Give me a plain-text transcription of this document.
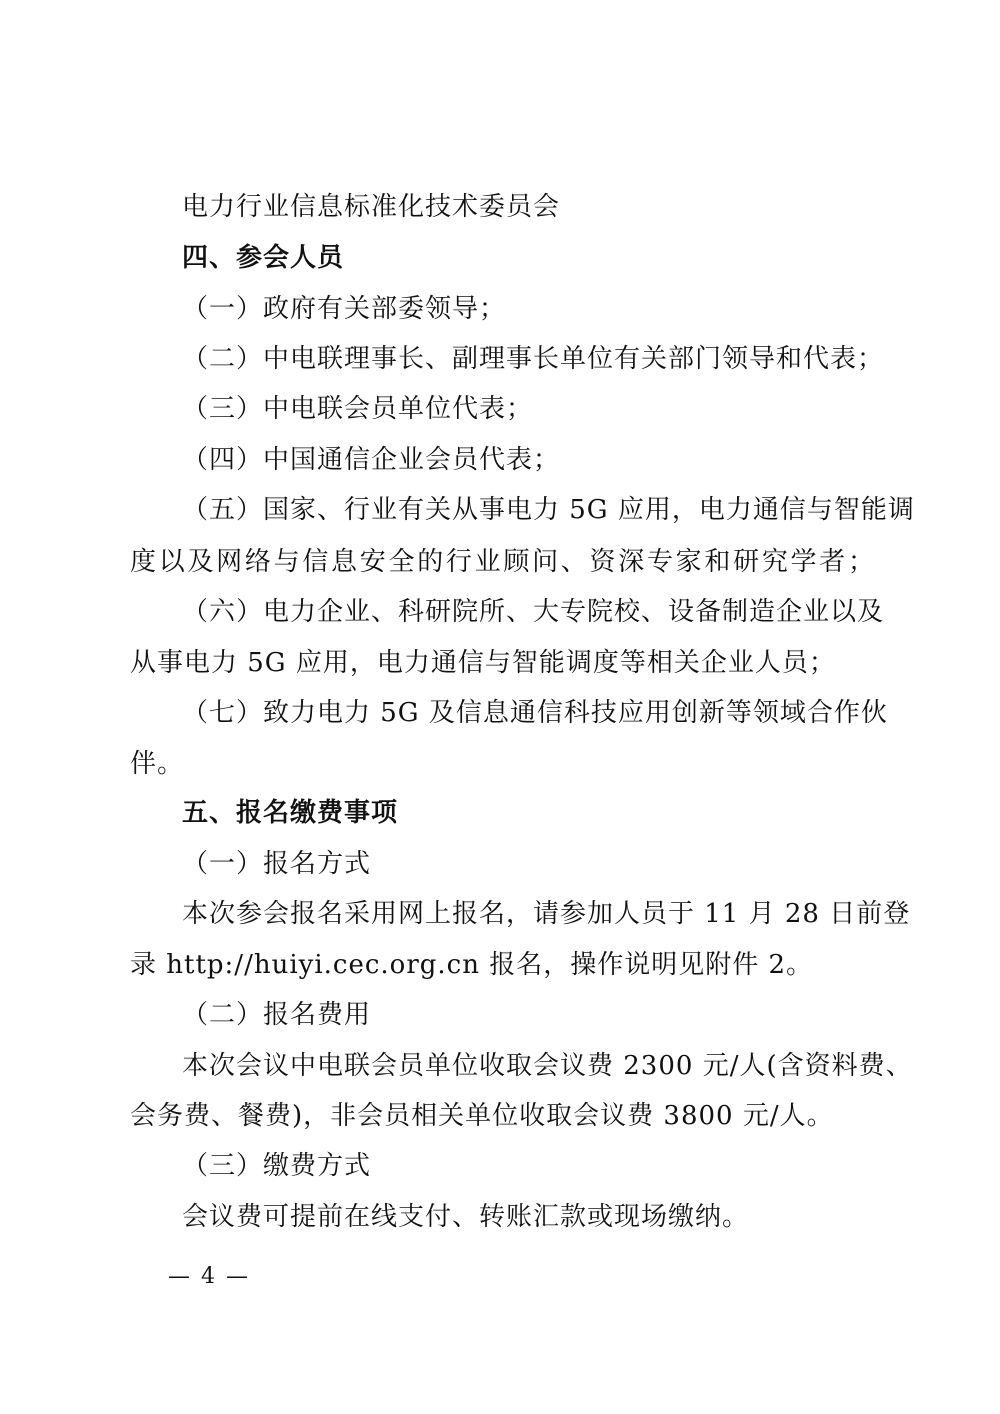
电力行业信息标准化技术委员会
四、参会人员
（一）政府有关部委领导；
（二）中电联理事长、副理事长单位有关部门领导和代表；
（三）中电联会员单位代表；
（四）中国通信企业会员代表；
（五）国家、行业有关从事电力 5G 应用，电力通信与智能调
度以及网络与信息安全的行业顾问、资深专家和研究学者；
（六）电力企业、科研院所、大专院校、设备制造企业以及
从事电力 5G 应用，电力通信与智能调度等相关企业人员；
（七）致力电力 5G 及信息通信科技应用创新等领域合作伙
伴。
五、报名缴费事项
（一）报名方式
本次参会报名采用网上报名，请参加人员于 11 月 28 日前登
录 http://huiyi.cec.org.cn 报名，操作说明见附件 2。
（二）报名费用
本次会议中电联会员单位收取会议费 2300 元/人(含资料费、
会务费、餐费)，非会员相关单位收取会议费 3800 元/人。
（三）缴费方式
会议费可提前在线支付、转账汇款或现场缴纳。
— 4 —
